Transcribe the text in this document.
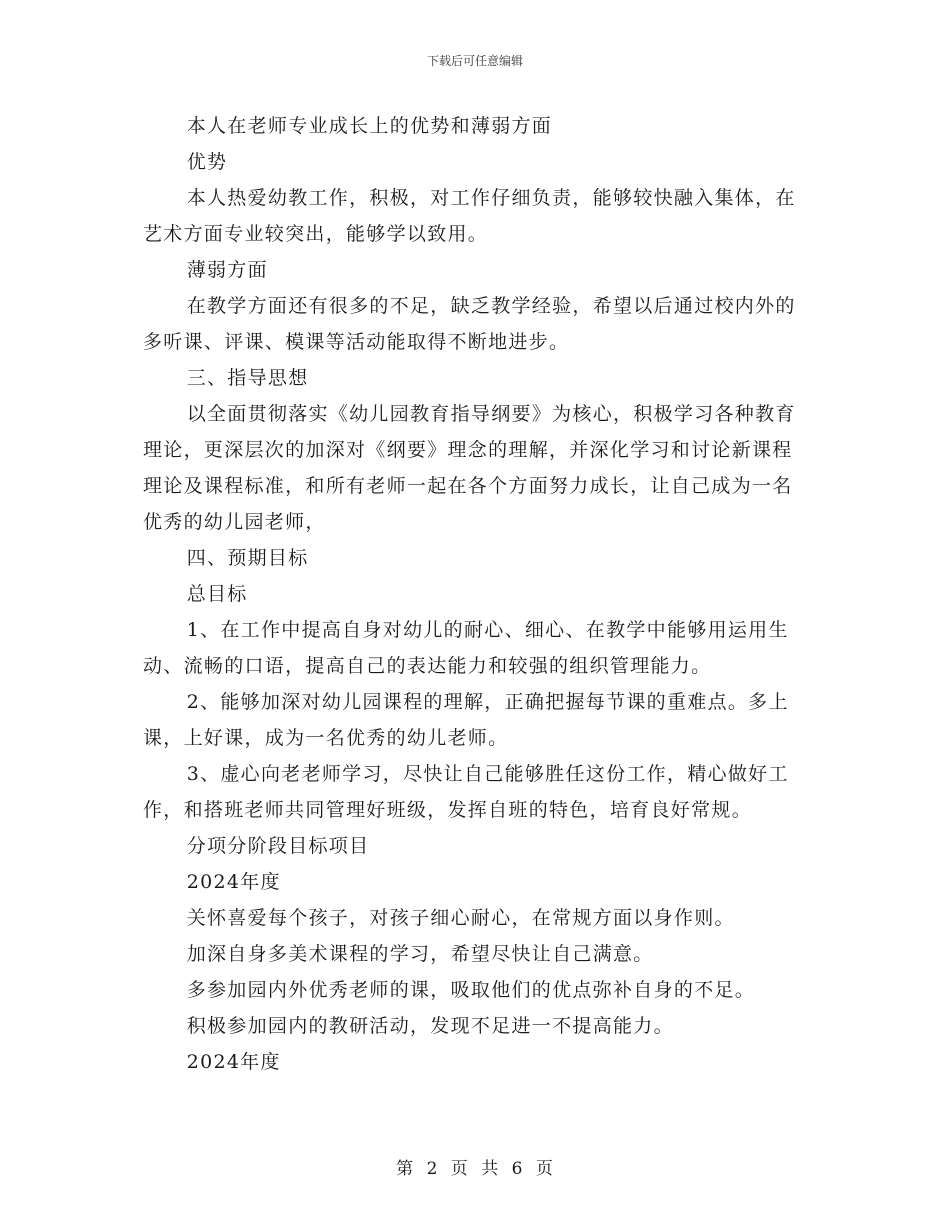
下载后可任意编辑

本人在老师专业成长上的优势和薄弱方面

优势

本人热爱幼教工作，积极，对工作仔细负责，能够较快融入集体，在艺术方面专业较突出，能够学以致用。

薄弱方面

在教学方面还有很多的不足，缺乏教学经验，希望以后通过校内外的多听课、评课、模课等活动能取得不断地进步。

三、指导思想

以全面贯彻落实《幼儿园教育指导纲要》为核心，积极学习各种教育理论，更深层次的加深对《纲要》理念的理解，并深化学习和讨论新课程理论及课程标准，和所有老师一起在各个方面努力成长，让自己成为一名优秀的幼儿园老师，

四、预期目标

总目标

1、在工作中提高自身对幼儿的耐心、细心、在教学中能够用运用生动、流畅的口语，提高自己的表达能力和较强的组织管理能力。

2、能够加深对幼儿园课程的理解，正确把握每节课的重难点。多上课，上好课，成为一名优秀的幼儿老师。

3、虚心向老老师学习，尽快让自己能够胜任这份工作，精心做好工作，和搭班老师共同管理好班级，发挥自班的特色，培育良好常规。

分项分阶段目标项目

2024年度

关怀喜爱每个孩子，对孩子细心耐心，在常规方面以身作则。

加深自身多美术课程的学习，希望尽快让自己满意。

多参加园内外优秀老师的课，吸取他们的优点弥补自身的不足。

积极参加园内的教研活动，发现不足进一不提高能力。

2024年度

第 2 页 共 6 页
